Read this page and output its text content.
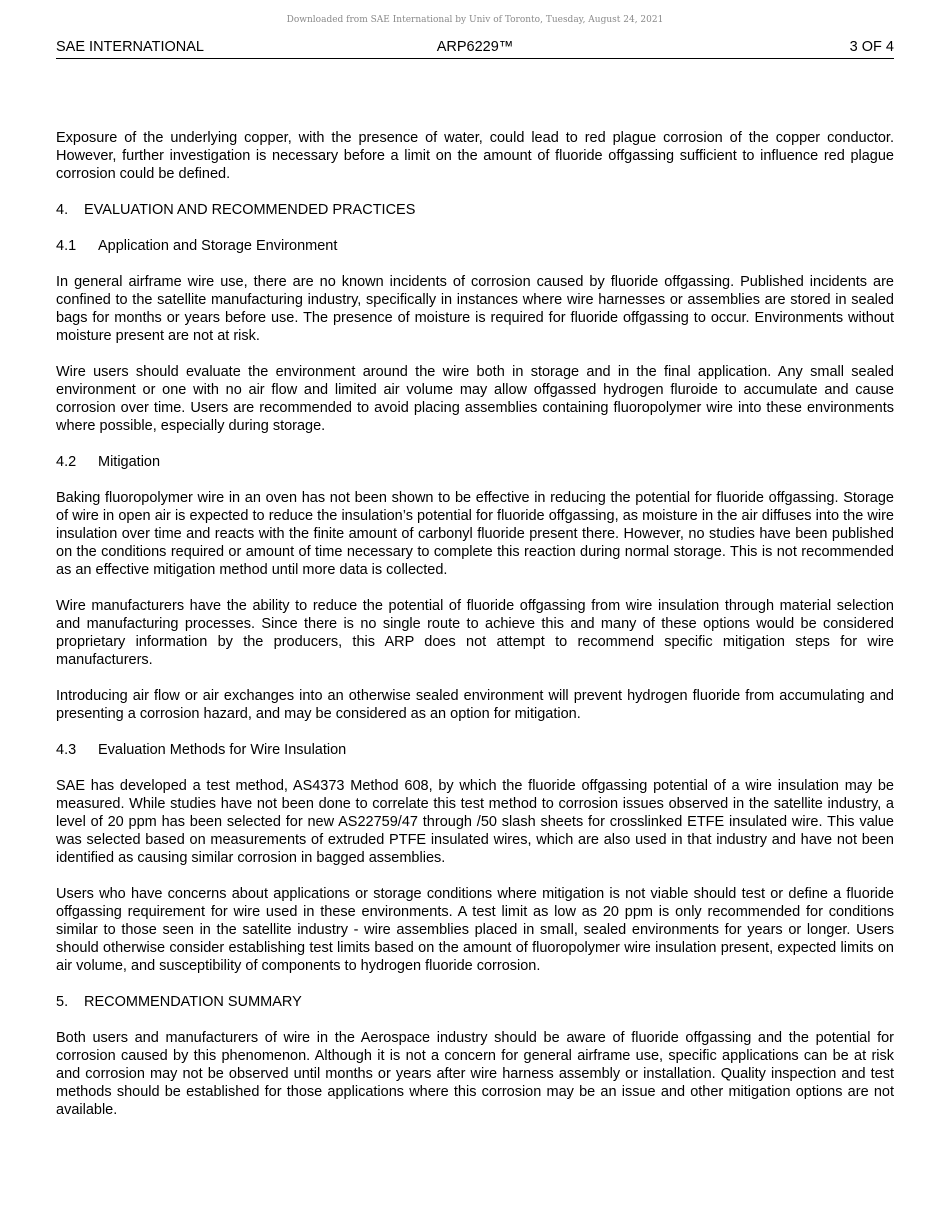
Downloaded from SAE International by Univ of Toronto, Tuesday, August 24, 2021
SAE INTERNATIONAL	ARP6229™	3 OF 4

Exposure of the underlying copper, with the presence of water, could lead to red plague corrosion of the copper conductor. However, further investigation is necessary before a limit on the amount of fluoride offgassing sufficient to influence red plague corrosion could be defined.

4. EVALUATION AND RECOMMENDED PRACTICES
4.1 Application and Storage Environment

In general airframe wire use, there are no known incidents of corrosion caused by fluoride offgassing. Published incidents are confined to the satellite manufacturing industry, specifically in instances where wire harnesses or assemblies are stored in sealed bags for months or years before use. The presence of moisture is required for fluoride offgassing to occur. Environments without moisture present are not at risk.

Wire users should evaluate the environment around the wire both in storage and in the final application. Any small sealed environment or one with no air flow and limited air volume may allow offgassed hydrogen fluroide to accumulate and cause corrosion over time. Users are recommended to avoid placing assemblies containing fluoropolymer wire into these environments where possible, especially during storage.

4.2 Mitigation

Baking fluoropolymer wire in an oven has not been shown to be effective in reducing the potential for fluoride offgassing. Storage of wire in open air is expected to reduce the insulation’s potential for fluoride offgassing, as moisture in the air diffuses into the wire insulation over time and reacts with the finite amount of carbonyl fluoride present there. However, no studies have been published on the conditions required or amount of time necessary to complete this reaction during normal storage. This is not recommended as an effective mitigation method until more data is collected.

Wire manufacturers have the ability to reduce the potential of fluoride offgassing from wire insulation through material selection and manufacturing processes. Since there is no single route to achieve this and many of these options would be considered proprietary information by the producers, this ARP does not attempt to recommend specific mitigation steps for wire manufacturers.

Introducing air flow or air exchanges into an otherwise sealed environment will prevent hydrogen fluoride from accumulating and presenting a corrosion hazard, and may be considered as an option for mitigation.

4.3 Evaluation Methods for Wire Insulation

SAE has developed a test method, AS4373 Method 608, by which the fluoride offgassing potential of a wire insulation may be measured. While studies have not been done to correlate this test method to corrosion issues observed in the satellite industry, a level of 20 ppm has been selected for new AS22759/47 through /50 slash sheets for crosslinked ETFE insulated wire. This value was selected based on measurements of extruded PTFE insulated wires, which are also used in that industry and have not been identified as causing similar corrosion in bagged assemblies.

Users who have concerns about applications or storage conditions where mitigation is not viable should test or define a fluoride offgassing requirement for wire used in these environments. A test limit as low as 20 ppm is only recommended for conditions similar to those seen in the satellite industry - wire assemblies placed in small, sealed environments for years or longer. Users should otherwise consider establishing test limits based on the amount of fluoropolymer wire insulation present, expected limits on air volume, and susceptibility of components to hydrogen fluoride corrosion.

5. RECOMMENDATION SUMMARY

Both users and manufacturers of wire in the Aerospace industry should be aware of fluoride offgassing and the potential for corrosion caused by this phenomenon. Although it is not a concern for general airframe use, specific applications can be at risk and corrosion may not be observed until months or years after wire harness assembly or installation. Quality inspection and test methods should be established for those applications where this corrosion may be an issue and other mitigation options are not available.
